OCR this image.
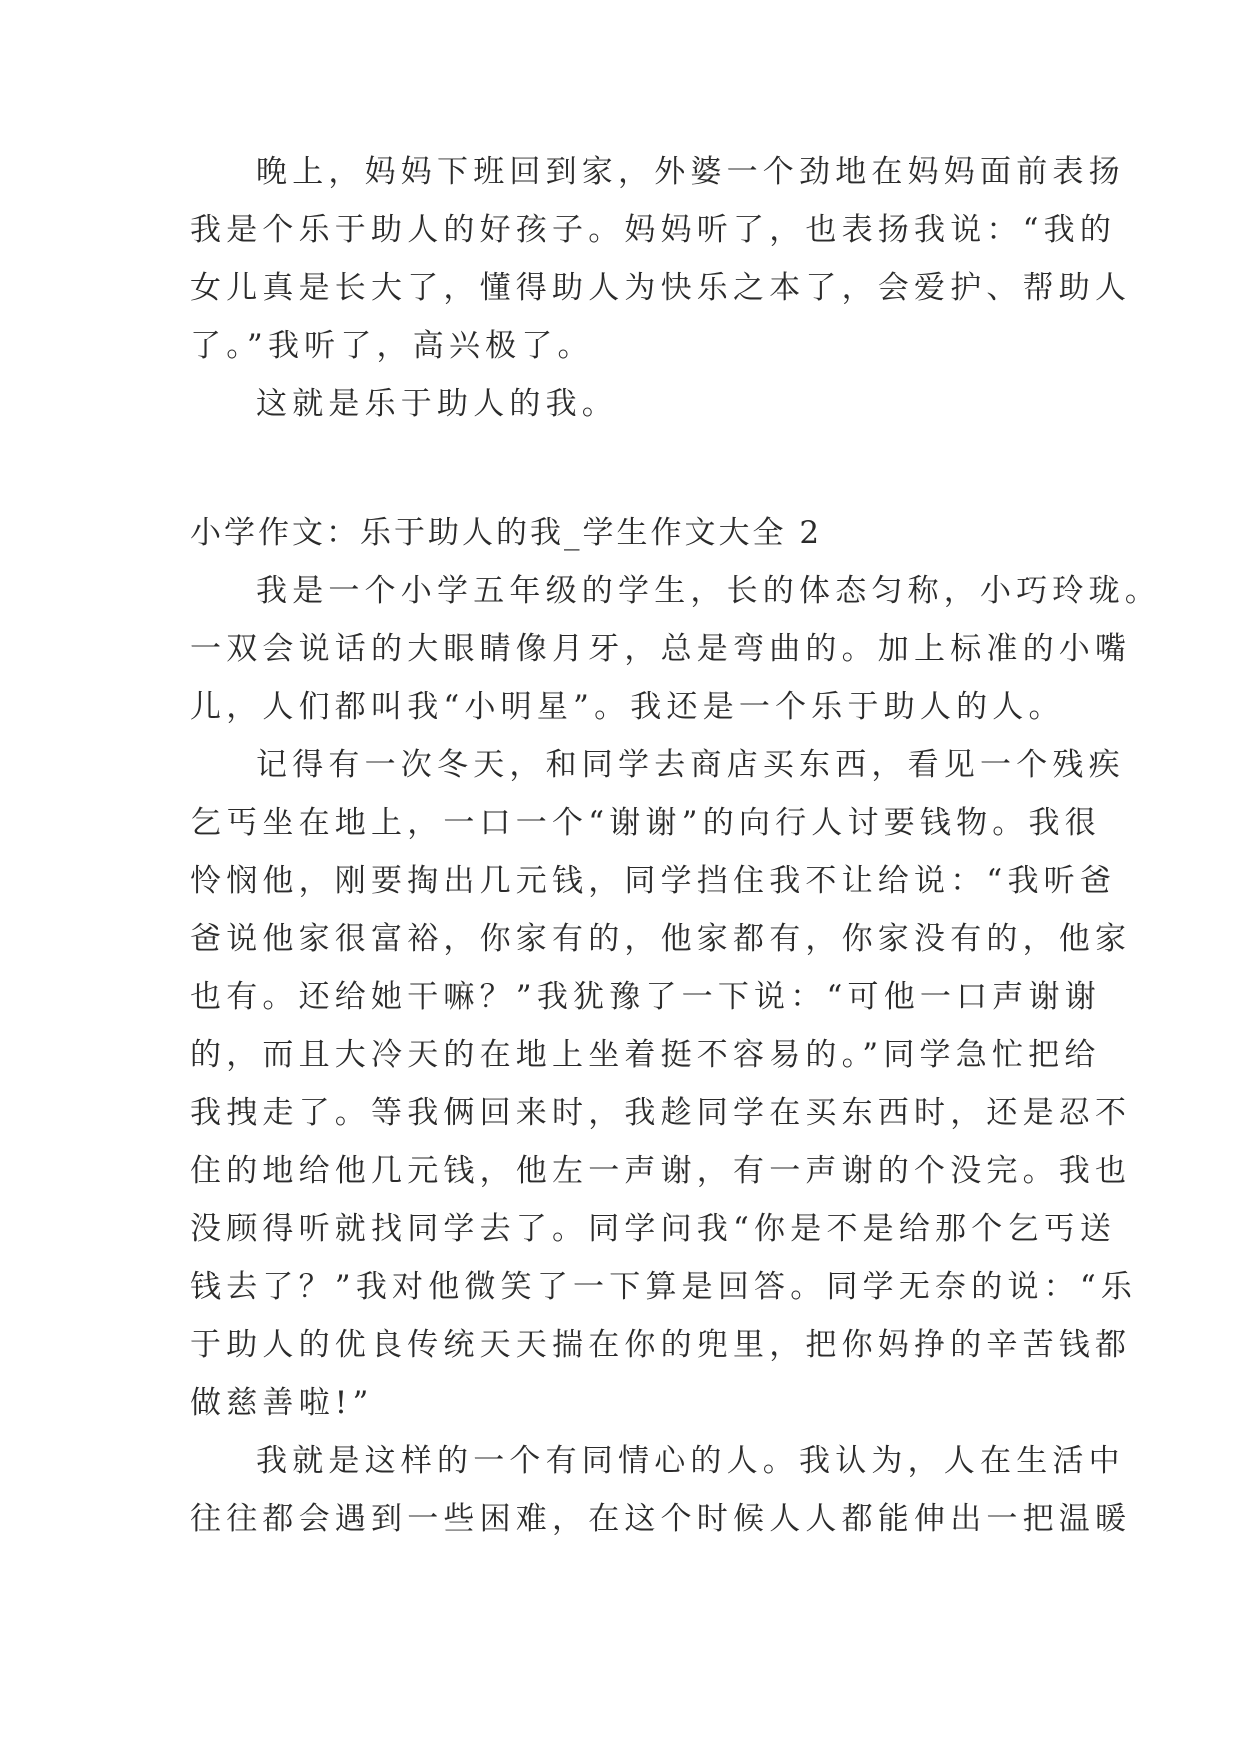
晚上，妈妈下班回到家，外婆一个劲地在妈妈面前表扬
我是个乐于助人的好孩子。妈妈听了，也表扬我说：“我的
女儿真是长大了，懂得助人为快乐之本了，会爱护、帮助人
了。”我听了，高兴极了。
这就是乐于助人的我。
小学作文：乐于助人的我_学生作文大全 2
我是一个小学五年级的学生，长的体态匀称，小巧玲珑。
一双会说话的大眼睛像月牙，总是弯曲的。加上标准的小嘴
儿，人们都叫我“小明星”。我还是一个乐于助人的人。
记得有一次冬天，和同学去商店买东西，看见一个残疾
乞丐坐在地上，一口一个“谢谢”的向行人讨要钱物。我很
怜悯他，刚要掏出几元钱，同学挡住我不让给说：“我听爸
爸说他家很富裕，你家有的，他家都有，你家没有的，他家
也有。还给她干嘛？”我犹豫了一下说：“可他一口声谢谢
的，而且大冷天的在地上坐着挺不容易的。”同学急忙把给
我拽走了。等我俩回来时，我趁同学在买东西时，还是忍不
住的地给他几元钱，他左一声谢，有一声谢的个没完。我也
没顾得听就找同学去了。同学问我“你是不是给那个乞丐送
钱去了？”我对他微笑了一下算是回答。同学无奈的说：“乐
于助人的优良传统天天揣在你的兜里，把你妈挣的辛苦钱都
做慈善啦!”
我就是这样的一个有同情心的人。我认为，人在生活中
往往都会遇到一些困难，在这个时候人人都能伸出一把温暖
